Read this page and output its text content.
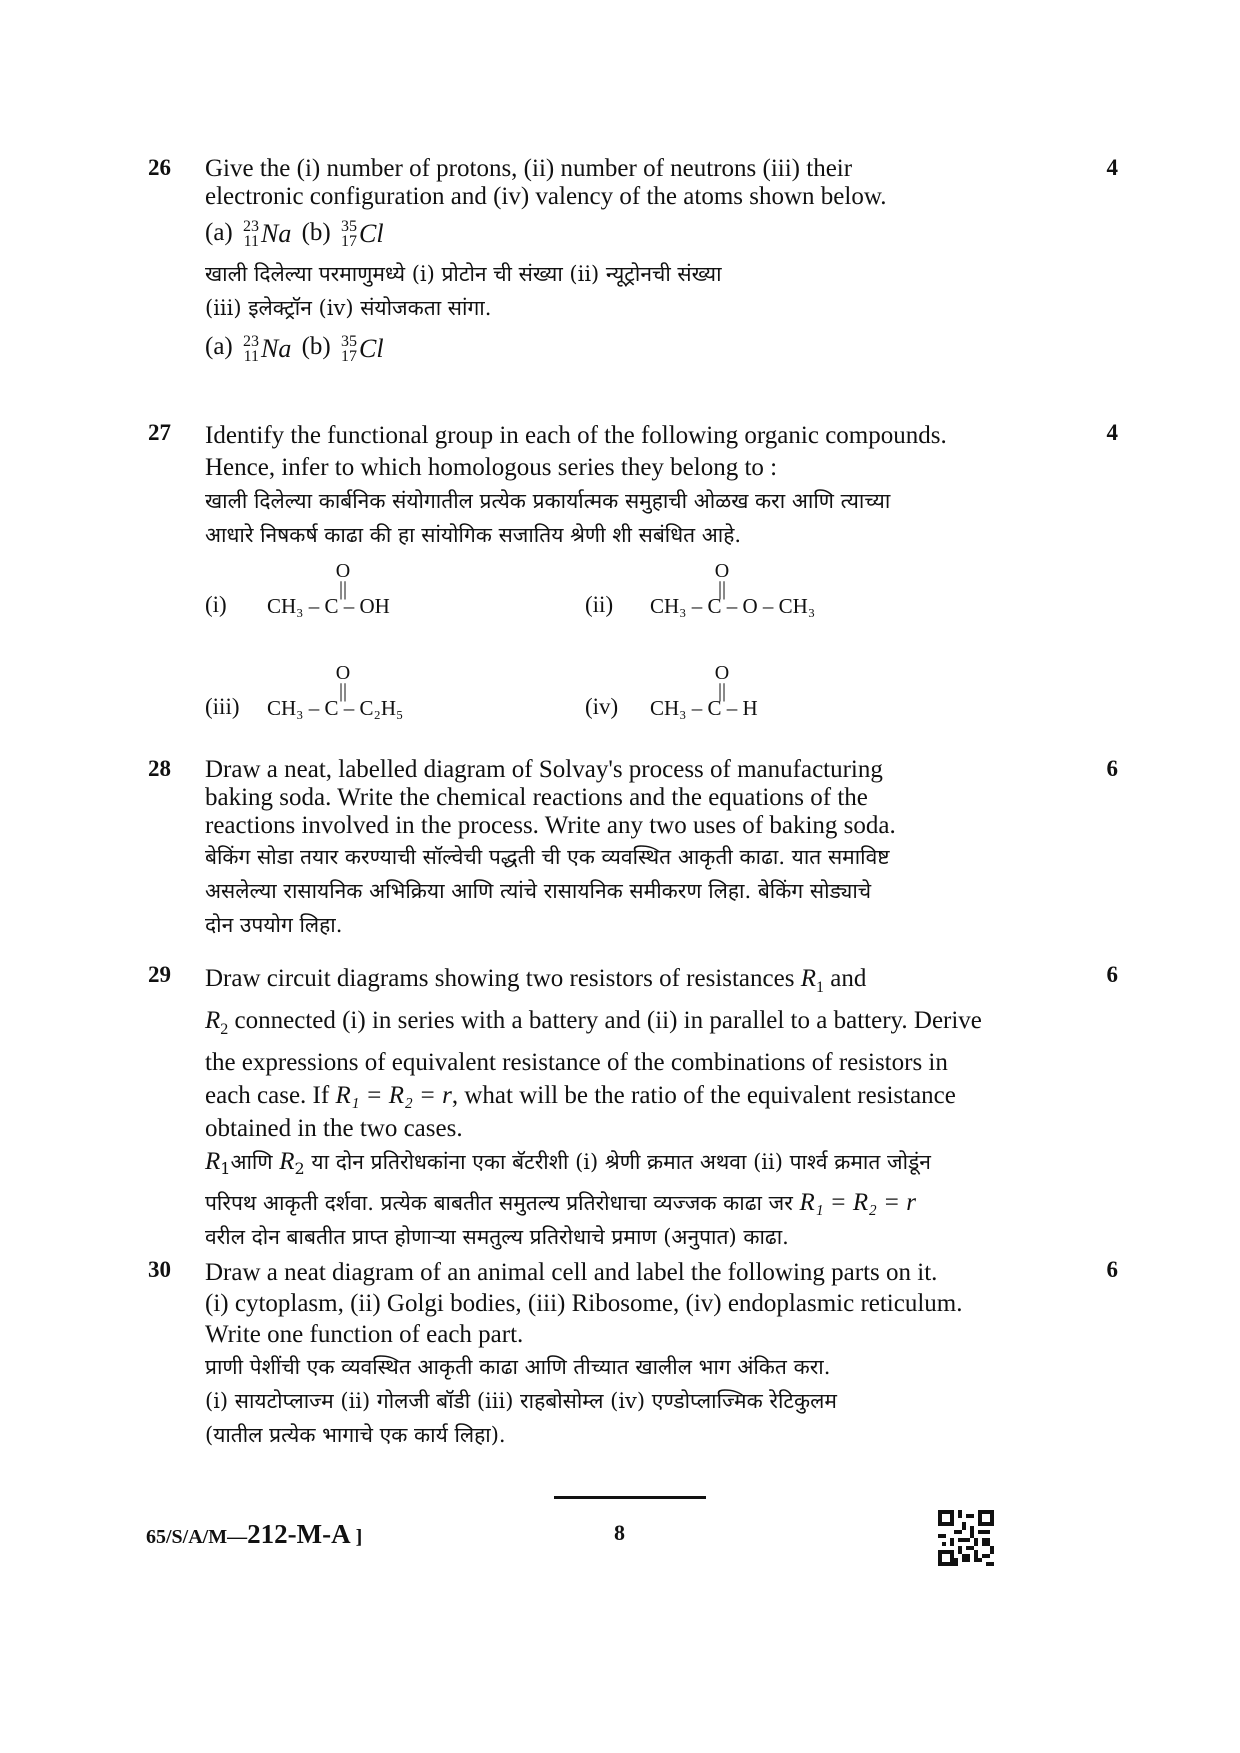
26	4
Give the (i) number of protons, (ii) number of neutrons (iii) their
electronic configuration and (iv) valency of the atoms shown below.
(a) 23
11 Na (b) 35
17 Cl
खाली दिलेल्या परमाणुमध्ये (i) प्रोटोन ची संख्या (ii) न्यूट्रोनची संख्या
(iii) इलेक्ट्रॉन (iv) संयोजकता सांगा.
(a) 23
11 Na (b) 35
17 Cl
27	4
Identify the functional group in each of the following organic compounds.
Hence, infer to which homologous series they belong to :
खाली दिलेल्या कार्बनिक संयोगातील प्रत्येक प्रकार्यात्मक समुहाची ओळख करा आणि त्याच्या
आधारे निषकर्ष काढा की हा सांयोगिक सजातिय श्रेणी शी सबंधित आहे.
(i)
O
||
CH₃ – C – OH	(ii)
O
||
CH₃ – C – O – CH₃
(iii)
O
||
CH₃ – C – C₂H₅	(iv)
O
||
CH₃ – C – H
28	6
Draw a neat, labelled diagram of Solvay's process of manufacturing
baking soda. Write the chemical reactions and the equations of the
reactions involved in the process. Write any two uses of baking soda.
बेकिंग सोडा तयार करण्याची सॉल्वेची पद्धती ची एक व्यवस्थित आकृती काढा. यात समाविष्ट
असलेल्या रासायनिक अभिक्रिया आणि त्यांचे रासायनिक समीकरण लिहा. बेकिंग सोड्याचे
दोन उपयोग लिहा.
29	6
Draw circuit diagrams showing two resistors of resistances $R_1$ and
$R_2$ connected (i) in series with a battery and (ii) in parallel to a battery. Derive
the expressions of equivalent resistance of the combinations of resistors in
each case. If R₁ = R₂ = r, what will be the ratio of the equivalent resistance
obtained in the two cases.
$R_1आणि$ $R_2$ या दोन प्रतिरोधकांना एका बॅटरीशी (i) श्रेणी क्रमात अथवा (ii) पार्श्व क्रमात जोडूंन
परिपथ आकृती दर्शवा. प्रत्येक बाबतीत समुतल्य प्रतिरोधाचा व्यज्जक काढा जर R₁ = R₂ = r
वरील दोन बाबतीत प्राप्त होणाऱ्या समतुल्य प्रतिरोधाचे प्रमाण (अनुपात) काढा.
30	6
Draw a neat diagram of an animal cell and label the following parts on it.
(i) cytoplasm, (ii) Golgi bodies, (iii) Ribosome, (iv) endoplasmic reticulum.
Write one function of each part.
प्राणी पेशींची एक व्यवस्थित आकृती काढा आणि तीच्यात खालील भाग अंकित करा.
(i) सायटोप्लाज्म (ii) गोलजी बॉडी (iii) राहबोसोम्ल (iv) एण्डोप्लाज्मिक रेटिकुलम
(यातील प्रत्येक भागाचे एक कार्य लिहा).
65/S/A/M—212-M-A ]	8
